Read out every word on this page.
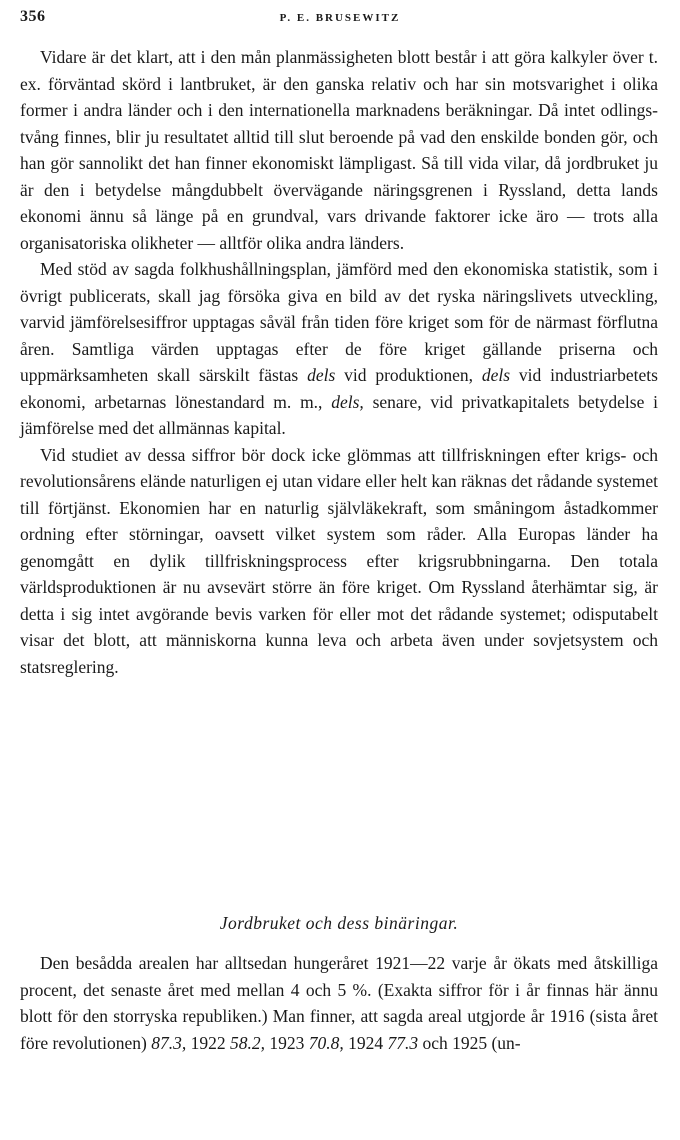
356	P. E. BRUSEWITZ

Vidare är det klart, att i den mån planmässigheten blott består i att göra kalkyler över t. ex. förväntad skörd i lantbruket, är den ganska relativ och har sin motsvarighet i olika former i andra länder och i den internationella marknadens beräkningar. Då intet odlingstvång finnes, blir ju resultatet alltid till slut beroende på vad den enskilde bonden gör, och han gör sannolikt det han finner ekonomiskt lämpligast. Så till vida vilar, då jordbruket ju är den i betydelse mångdubbelt övervägande näringsgrenen i Ryssland, detta lands ekonomi ännu så länge på en grundval, vars drivande faktorer icke äro — trots alla organisatoriska olikheter — alltför olika andra länders.

Med stöd av sagda folkhushållningsplan, jämförd med den ekonomiska statistik, som i övrigt publicerats, skall jag försöka giva en bild av det ryska näringslivets utveckling, varvid jämförelsesiffror upptagas såväl från tiden före kriget som för de närmast förflutna åren. Samtliga värden upptagas efter de före kriget gällande priserna och uppmärksamheten skall särskilt fästas dels vid produktionen, dels vid industriarbetets ekonomi, arbetarnas lönestandard m. m., dels, senare, vid privatkapitalets betydelse i jämförelse med det allmännas kapital.

Vid studiet av dessa siffror bör dock icke glömmas att tillfriskningen efter krigs- och revolutionsårens elände naturligen ej utan vidare eller helt kan räknas det rådande systemet till förtjänst. Ekonomien har en naturlig självläkekraft, som småningom åstadkommer ordning efter störningar, oavsett vilket system som råder. Alla Europas länder ha genomgått en dylik tillfriskningsprocess efter krigsrubbningarna. Den totala världsproduktionen är nu avsevärt större än före kriget. Om Ryssland återhämtar sig, är detta i sig intet avgörande bevis varken för eller mot det rådande systemet; odisputabelt visar det blott, att människorna kunna leva och arbeta även under sovjetsystem och statsreglering.

Jordbruket och dess binäringar.

Den besådda arealen har alltsedan hungeråret 1921—22 varje år ökats med åtskilliga procent, det senaste året med mellan 4 och 5 %. (Exakta siffror för i år finnas här ännu blott för den storryska republiken.) Man finner, att sagda areal utgjorde år 1916 (sista året före revolutionen) 87.3, 1922 58.2, 1923 70.8, 1924 77.3 och 1925 (un-
